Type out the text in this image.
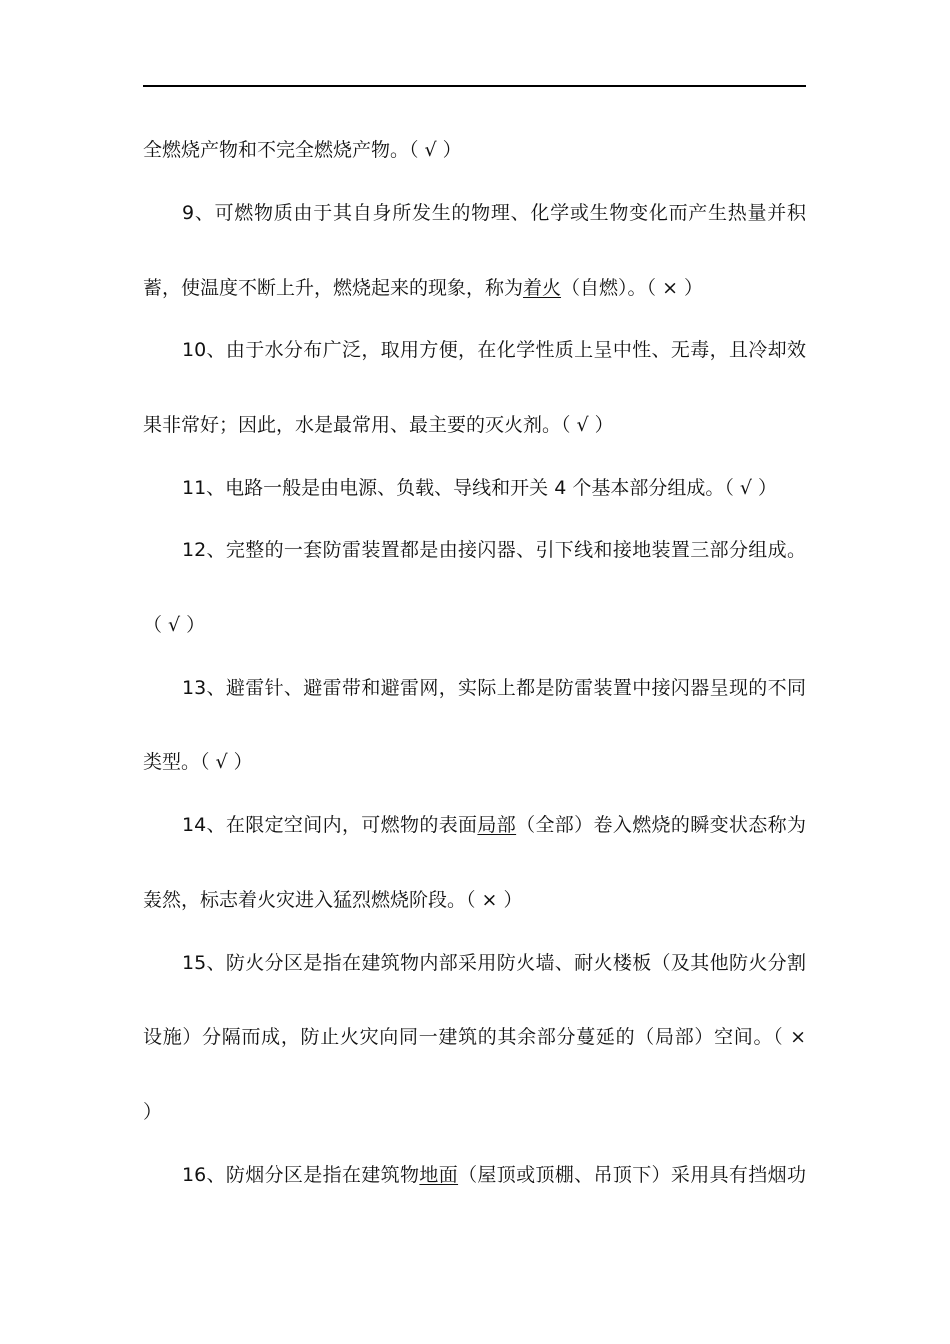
全燃烧产物和不完全燃烧产物。（ √ ）
9、可燃物质由于其自身所发生的物理、化学或生物变化而产生热量并积
蓄，使温度不断上升，燃烧起来的现象，称为着火（自燃）。（ × ）
10、由于水分布广泛，取用方便，在化学性质上呈中性、无毒，且冷却效
果非常好；因此，水是最常用、最主要的灭火剂。（ √ ）
11、电路一般是由电源、负载、导线和开关 4 个基本部分组成。（ √ ）
12、完整的一套防雷装置都是由接闪器、引下线和接地装置三部分组成。
（ √ ）
13、避雷针、避雷带和避雷网，实际上都是防雷装置中接闪器呈现的不同
类型。（ √ ）
14、在限定空间内，可燃物的表面局部（全部）卷入燃烧的瞬变状态称为
轰然，标志着火灾进入猛烈燃烧阶段。（ × ）
15、防火分区是指在建筑物内部采用防火墙、耐火楼板（及其他防火分割
设施）分隔而成，防止火灾向同一建筑的其余部分蔓延的（局部）空间。（ ×
）
16、防烟分区是指在建筑物地面（屋顶或顶棚、吊顶下）采用具有挡烟功
